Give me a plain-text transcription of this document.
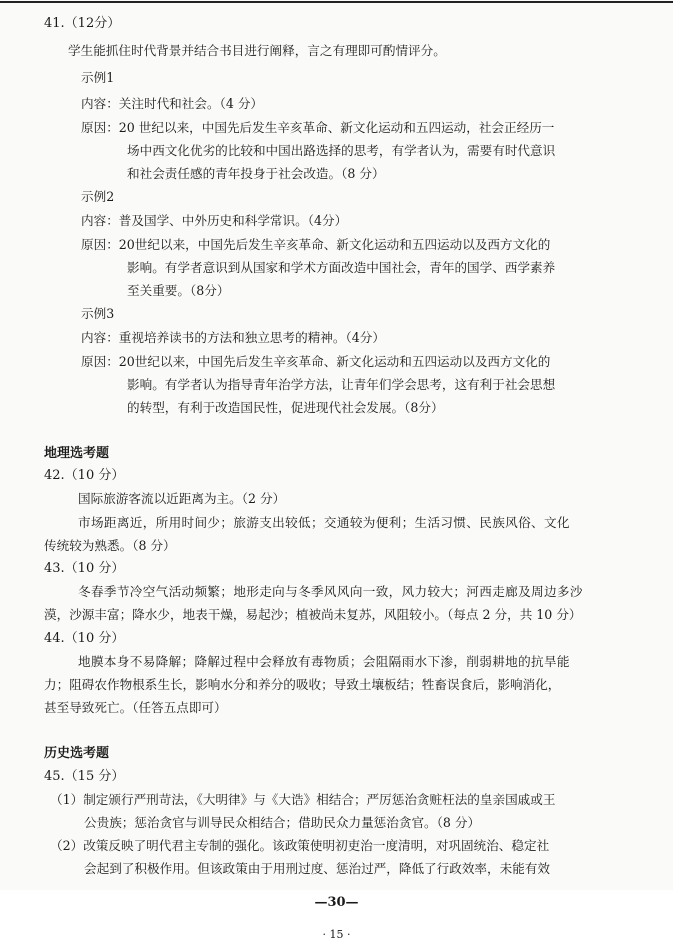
41.（12分）
学生能抓住时代背景并结合书目进行阐释，言之有理即可酌情评分。
示例1
内容：关注时代和社会。（4 分）
原因：20 世纪以来，中国先后发生辛亥革命、新文化运动和五四运动，社会正经历一
场中西文化优劣的比较和中国出路选择的思考，有学者认为，需要有时代意识
和社会责任感的青年投身于社会改造。（8 分）
示例2
内容：普及国学、中外历史和科学常识。（4分）
原因：20世纪以来，中国先后发生辛亥革命、新文化运动和五四运动以及西方文化的
影响。有学者意识到从国家和学术方面改造中国社会，青年的国学、西学素养
至关重要。（8分）
示例3
内容：重视培养读书的方法和独立思考的精神。（4分）
原因：20世纪以来，中国先后发生辛亥革命、新文化运动和五四运动以及西方文化的
影响。有学者认为指导青年治学方法，让青年们学会思考，这有利于社会思想
的转型，有利于改造国民性，促进现代社会发展。（8分）
地理选考题
42.（10 分）
国际旅游客流以近距离为主。（2 分）
市场距离近，所用时间少；旅游支出较低；交通较为便利；生活习惯、民族风俗、文化
传统较为熟悉。（8 分）
43.（10 分）
冬春季节冷空气活动频繁；地形走向与冬季风风向一致，风力较大；河西走廊及周边多沙
漠，沙源丰富；降水少，地表干燥，易起沙；植被尚未复苏，风阻较小。（每点 2 分，共 10 分）
44.（10 分）
地膜本身不易降解；降解过程中会释放有毒物质；会阻隔雨水下渗，削弱耕地的抗旱能
力；阻碍农作物根系生长，影响水分和养分的吸收；导致土壤板结；牲畜误食后，影响消化，
甚至导致死亡。（任答五点即可）
历史选考题
45.（15 分）
（1）制定颁行严刑苛法，《大明律》与《大诰》相结合；严厉惩治贪赃枉法的皇亲国戚或王
公贵族；惩治贪官与训导民众相结合；借助民众力量惩治贪官。（8 分）
（2）改策反映了明代君主专制的强化。该政策使明初吏治一度清明，对巩固统治、稳定社
会起到了积极作用。但该政策由于用刑过度、惩治过严，降低了行政效率，未能有效
—30—
· 15 ·
